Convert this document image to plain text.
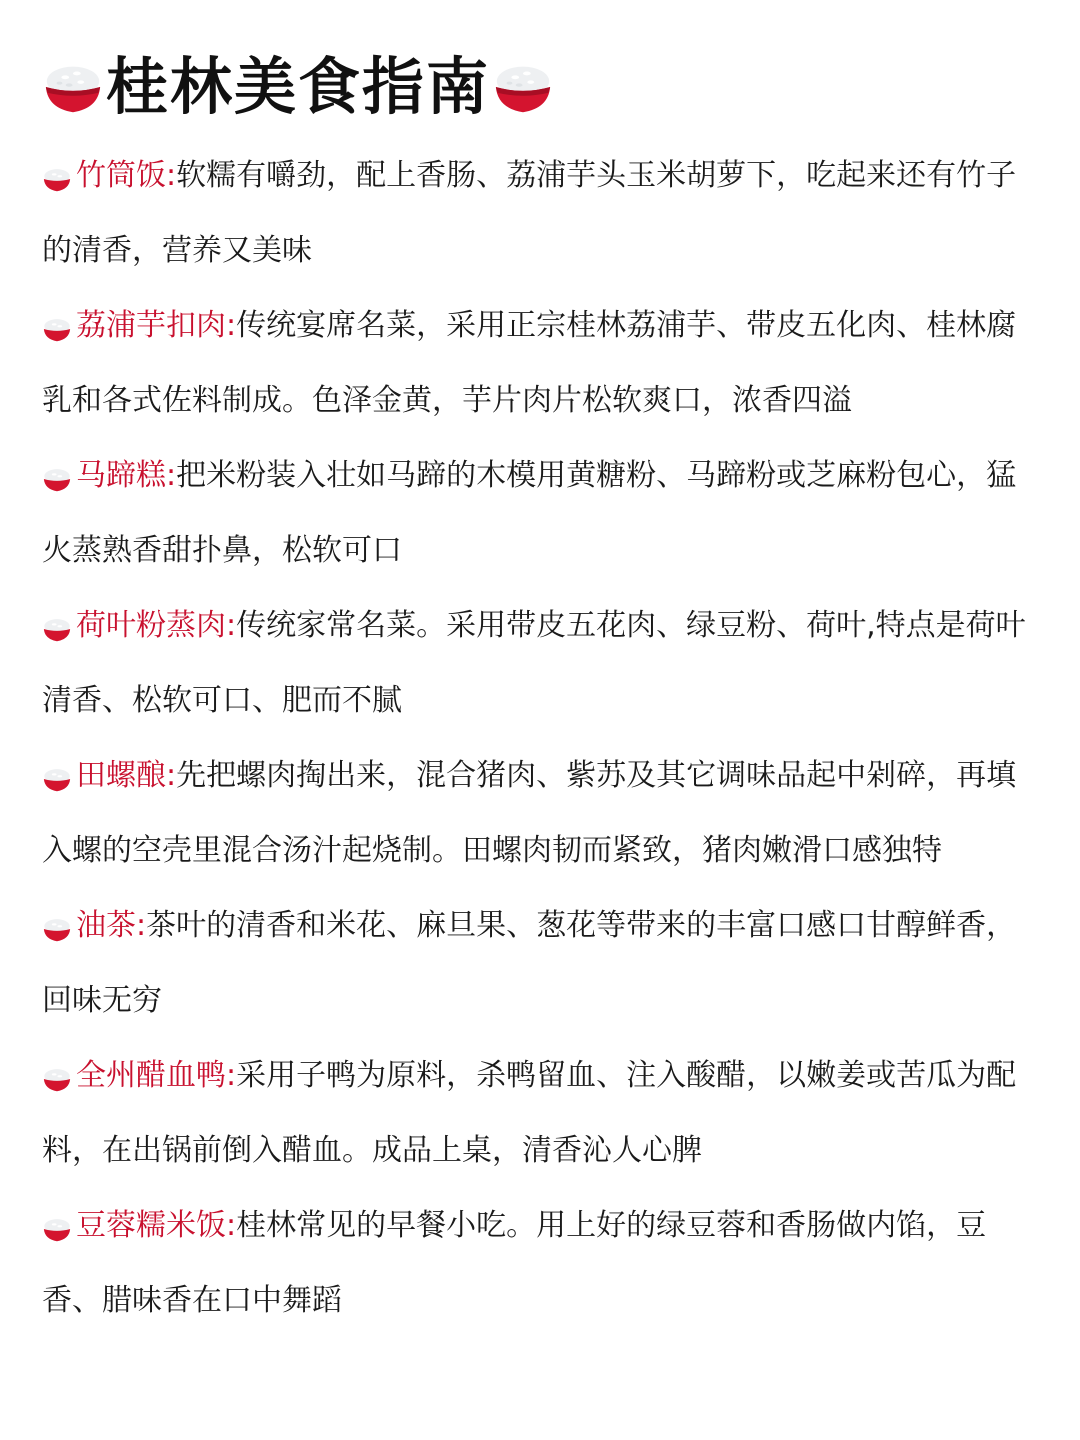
桂林美食指南
竹筒饭:软糯有嚼劲，配上香肠、荔浦芋头玉米胡萝下，吃起来还有竹子的清香，营养又美味
荔浦芋扣肉:传统宴席名菜，采用正宗桂林荔浦芋、带皮五化肉、桂林腐乳和各式佐料制成。色泽金黄，芋片肉片松软爽口，浓香四溢
马蹄糕:把米粉装入壮如马蹄的木模用黄糖粉、马蹄粉或芝麻粉包心，猛火蒸熟香甜扑鼻，松软可口
荷叶粉蒸肉:传统家常名菜。采用带皮五花肉、绿豆粉、荷叶,特点是荷叶清香、松软可口、肥而不腻
田螺酿:先把螺肉掏出来，混合猪肉、紫苏及其它调味品起中剁碎，再填入螺的空壳里混合汤汁起烧制。田螺肉韧而紧致，猪肉嫩滑口感独特
油茶:茶叶的清香和米花、麻旦果、葱花等带来的丰富口感口甘醇鲜香，回味无穷
全州醋血鸭:采用子鸭为原料，杀鸭留血、注入酸醋，以嫩姜或苦瓜为配料，在出锅前倒入醋血。成品上桌，清香沁人心脾
豆蓉糯米饭:桂林常见的早餐小吃。用上好的绿豆蓉和香肠做内馅，豆香、腊味香在口中舞蹈
